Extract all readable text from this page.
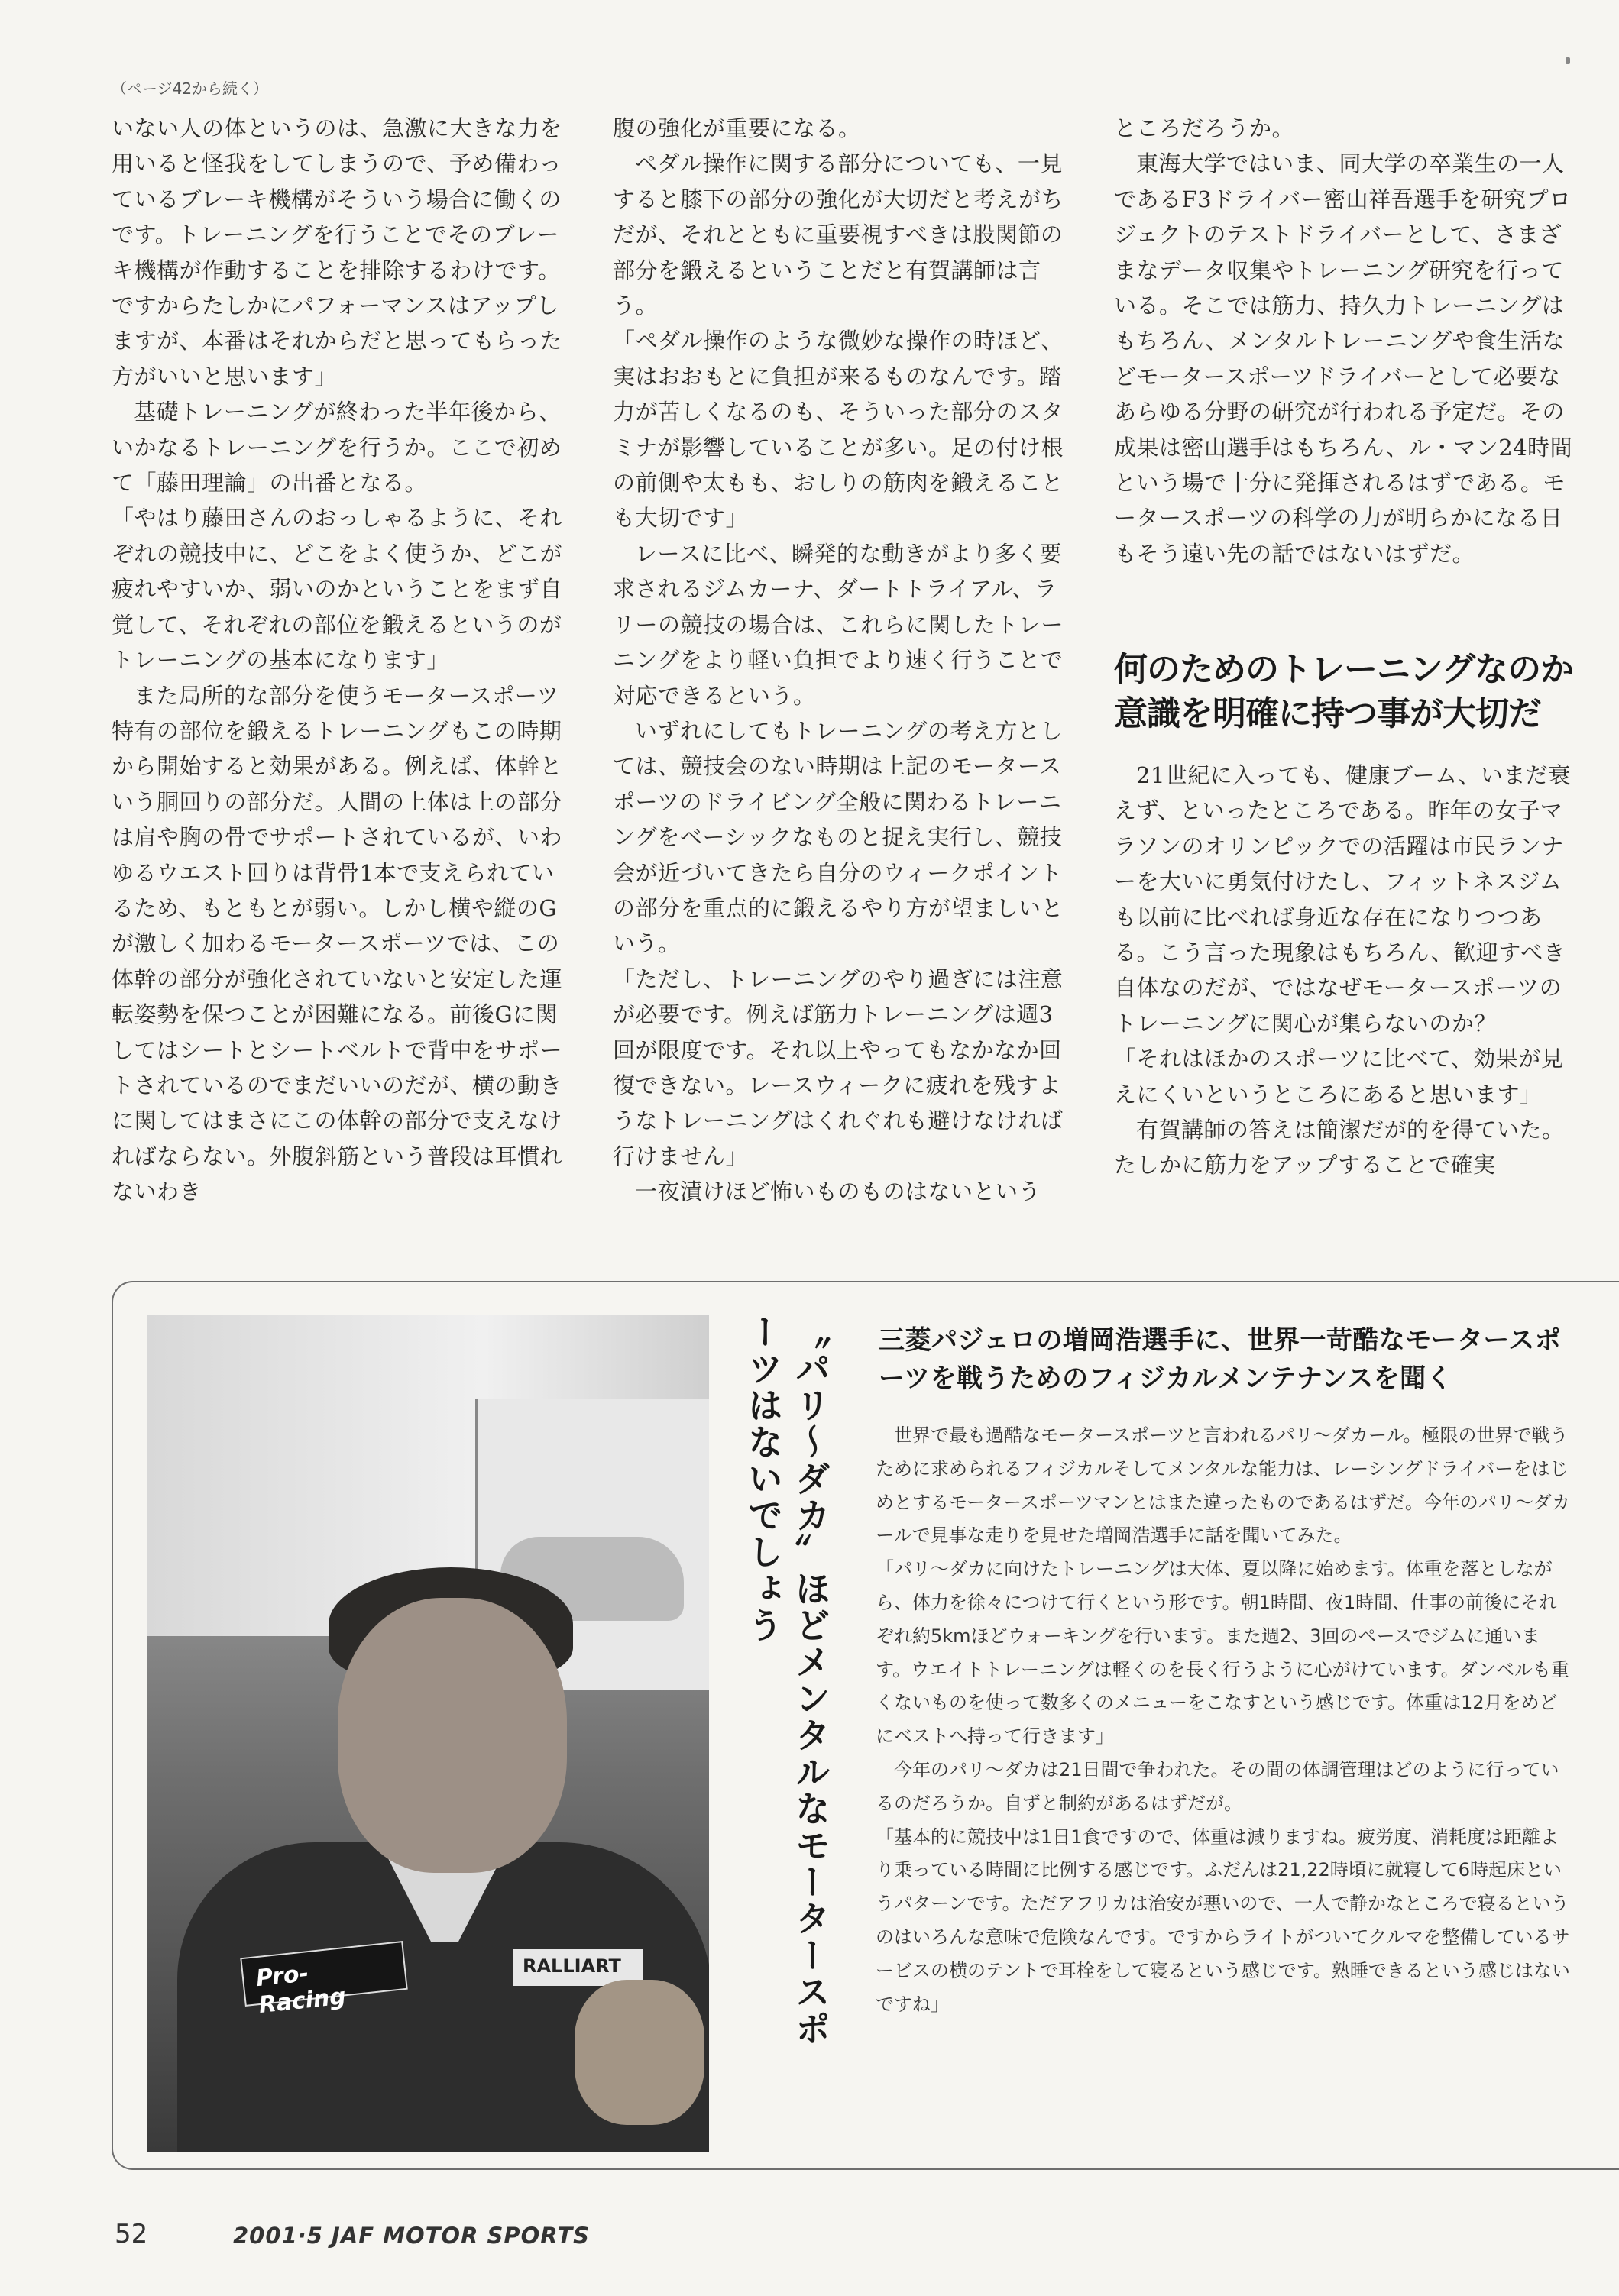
（ページ42から続く）

いない人の体というのは、急激に大きな力を用いると怪我をしてしまうので、予め備わっているブレーキ機構がそういう場合に働くのです。トレーニングを行うことでそのブレーキ機構が作動することを排除するわけです。ですからたしかにパフォーマンスはアップしますが、本番はそれからだと思ってもらった方がいいと思います」

基礎トレーニングが終わった半年後から、いかなるトレーニングを行うか。ここで初めて「藤田理論」の出番となる。

「やはり藤田さんのおっしゃるように、それぞれの競技中に、どこをよく使うか、どこが疲れやすいか、弱いのかということをまず自覚して、それぞれの部位を鍛えるというのがトレーニングの基本になります」

また局所的な部分を使うモータースポーツ特有の部位を鍛えるトレーニングもこの時期から開始すると効果がある。例えば、体幹という胴回りの部分だ。人間の上体は上の部分は肩や胸の骨でサポートされているが、いわゆるウエスト回りは背骨1本で支えられているため、もともとが弱い。しかし横や縦のGが激しく加わるモータースポーツでは、この体幹の部分が強化されていないと安定した運転姿勢を保つことが困難になる。前後Gに関してはシートとシートベルトで背中をサポートされているのでまだいいのだが、横の動きに関してはまさにこの体幹の部分で支えなければならない。外腹斜筋という普段は耳慣れないわき

腹の強化が重要になる。

ペダル操作に関する部分についても、一見すると膝下の部分の強化が大切だと考えがちだが、それとともに重要視すべきは股関節の部分を鍛えるということだと有賀講師は言う。

「ペダル操作のような微妙な操作の時ほど、実はおおもとに負担が来るものなんです。踏力が苦しくなるのも、そういった部分のスタミナが影響していることが多い。足の付け根の前側や太もも、おしりの筋肉を鍛えることも大切です」

レースに比べ、瞬発的な動きがより多く要求されるジムカーナ、ダートトライアル、ラリーの競技の場合は、これらに関したトレーニングをより軽い負担でより速く行うことで対応できるという。

いずれにしてもトレーニングの考え方としては、競技会のない時期は上記のモータースポーツのドライビング全般に関わるトレーニングをベーシックなものと捉え実行し、競技会が近づいてきたら自分のウィークポイントの部分を重点的に鍛えるやり方が望ましいという。

「ただし、トレーニングのやり過ぎには注意が必要です。例えば筋力トレーニングは週3回が限度です。それ以上やってもなかなか回復できない。レースウィークに疲れを残すようなトレーニングはくれぐれも避けなければ行けません」

一夜漬けほど怖いものものはないという

ところだろうか。

東海大学ではいま、同大学の卒業生の一人であるF3ドライバー密山祥吾選手を研究プロジェクトのテストドライバーとして、さまざまなデータ収集やトレーニング研究を行っている。そこでは筋力、持久力トレーニングはもちろん、メンタルトレーニングや食生活などモータースポーツドライバーとして必要なあらゆる分野の研究が行われる予定だ。その成果は密山選手はもちろん、ル・マン24時間という場で十分に発揮されるはずである。モータースポーツの科学の力が明らかになる日もそう遠い先の話ではないはずだ。

何のためのトレーニングなのか意識を明確に持つ事が大切だ

21世紀に入っても、健康ブーム、いまだ衰えず、といったところである。昨年の女子マラソンのオリンピックでの活躍は市民ランナーを大いに勇気付けたし、フィットネスジムも以前に比べれば身近な存在になりつつある。こう言った現象はもちろん、歓迎すべき自体なのだが、ではなぜモータースポーツのトレーニングに関心が集らないのか？

「それはほかのスポーツに比べて、効果が見えにくいというところにあると思います」

有賀講師の答えは簡潔だが的を得ていた。たしかに筋力をアップすることで確実

Pro-Racing
RALLIART	〝パリ〜ダカ〞ほどメンタルなモータースポーツはないでしょう	三菱パジェロの増岡浩選手に、世界一苛酷なモータースポーツを戦うためのフィジカルメンテナンスを聞く

世界で最も過酷なモータースポーツと言われるパリ〜ダカール。極限の世界で戦うために求められるフィジカルそしてメンタルな能力は、レーシングドライバーをはじめとするモータースポーツマンとはまた違ったものであるはずだ。今年のパリ〜ダカールで見事な走りを見せた増岡浩選手に話を聞いてみた。

「パリ〜ダカに向けたトレーニングは大体、夏以降に始めます。体重を落としながら、体力を徐々につけて行くという形です。朝1時間、夜1時間、仕事の前後にそれぞれ約5kmほどウォーキングを行います。また週2、3回のペースでジムに通います。ウエイトトレーニングは軽くのを長く行うように心がけています。ダンベルも重くないものを使って数多くのメニューをこなすという感じです。体重は12月をめどにベストへ持って行きます」

今年のパリ〜ダカは21日間で争われた。その間の体調管理はどのように行っているのだろうか。自ずと制約があるはずだが。

「基本的に競技中は1日1食ですので、体重は減りますね。疲労度、消耗度は距離より乗っている時間に比例する感じです。ふだんは21,22時頃に就寝して6時起床というパターンです。ただアフリカは治安が悪いので、一人で静かなところで寝るというのはいろんな意味で危険なんです。ですからライトがついてクルマを整備しているサービスの横のテントで耳栓をして寝るという感じです。熟睡できるという感じはないですね」

52	2001·5 JAF MOTOR SPORTS
